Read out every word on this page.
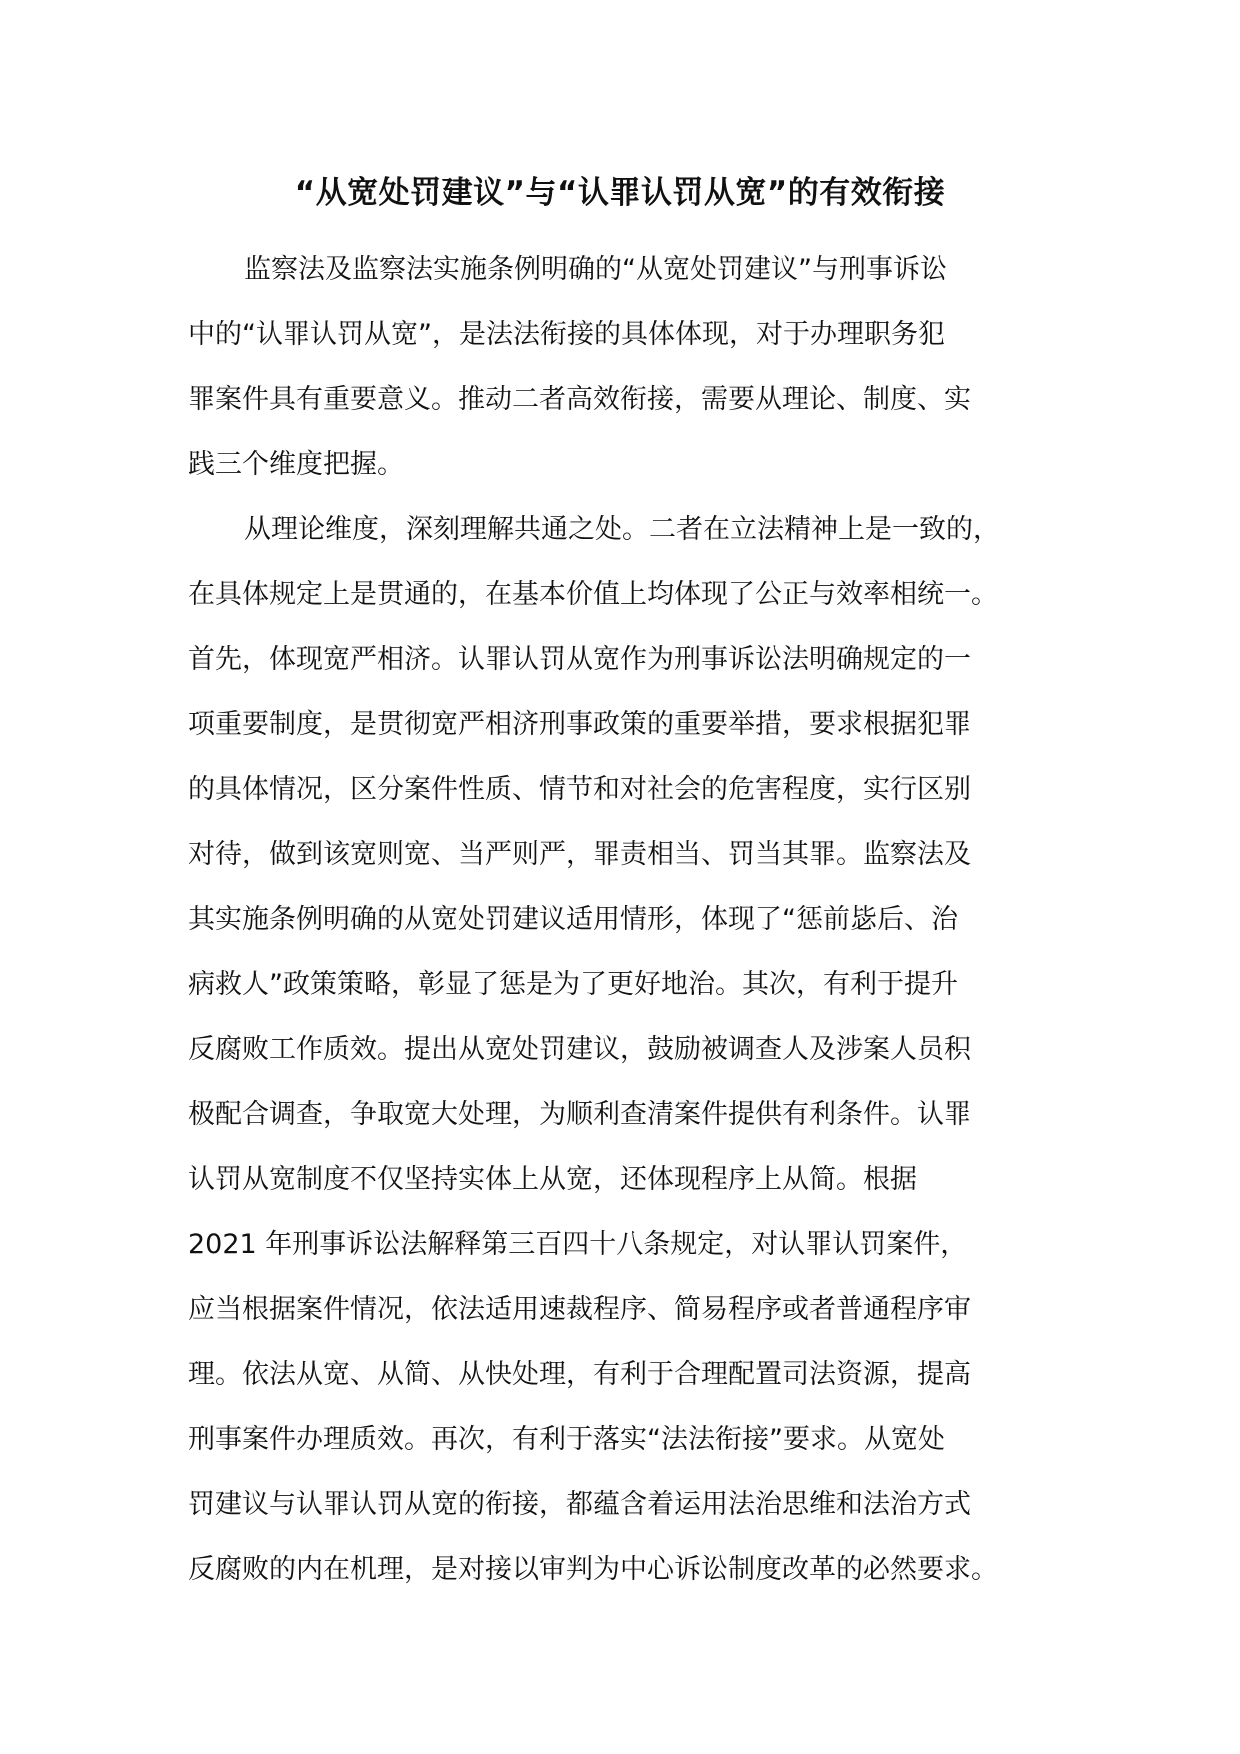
“从宽处罚建议”与“认罪认罚从宽”的有效衔接

监察法及监察法实施条例明确的“从宽处罚建议”与刑事诉讼
中的“认罪认罚从宽”，是法法衔接的具体体现，对于办理职务犯
罪案件具有重要意义。推动二者高效衔接，需要从理论、制度、实
践三个维度把握。

从理论维度，深刻理解共通之处。二者在立法精神上是一致的，
在具体规定上是贯通的，在基本价值上均体现了公正与效率相统一。
首先，体现宽严相济。认罪认罚从宽作为刑事诉讼法明确规定的一
项重要制度，是贯彻宽严相济刑事政策的重要举措，要求根据犯罪
的具体情况，区分案件性质、情节和对社会的危害程度，实行区别
对待，做到该宽则宽、当严则严，罪责相当、罚当其罪。监察法及
其实施条例明确的从宽处罚建议适用情形，体现了“惩前毖后、治
病救人”政策策略，彰显了惩是为了更好地治。其次，有利于提升
反腐败工作质效。提出从宽处罚建议，鼓励被调查人及涉案人员积
极配合调查，争取宽大处理，为顺利查清案件提供有利条件。认罪
认罚从宽制度不仅坚持实体上从宽，还体现程序上从简。根据
2021 年刑事诉讼法解释第三百四十八条规定，对认罪认罚案件，
应当根据案件情况，依法适用速裁程序、简易程序或者普通程序审
理。依法从宽、从简、从快处理，有利于合理配置司法资源，提高
刑事案件办理质效。再次，有利于落实“法法衔接”要求。从宽处
罚建议与认罪认罚从宽的衔接，都蕴含着运用法治思维和法治方式
反腐败的内在机理，是对接以审判为中心诉讼制度改革的必然要求。
